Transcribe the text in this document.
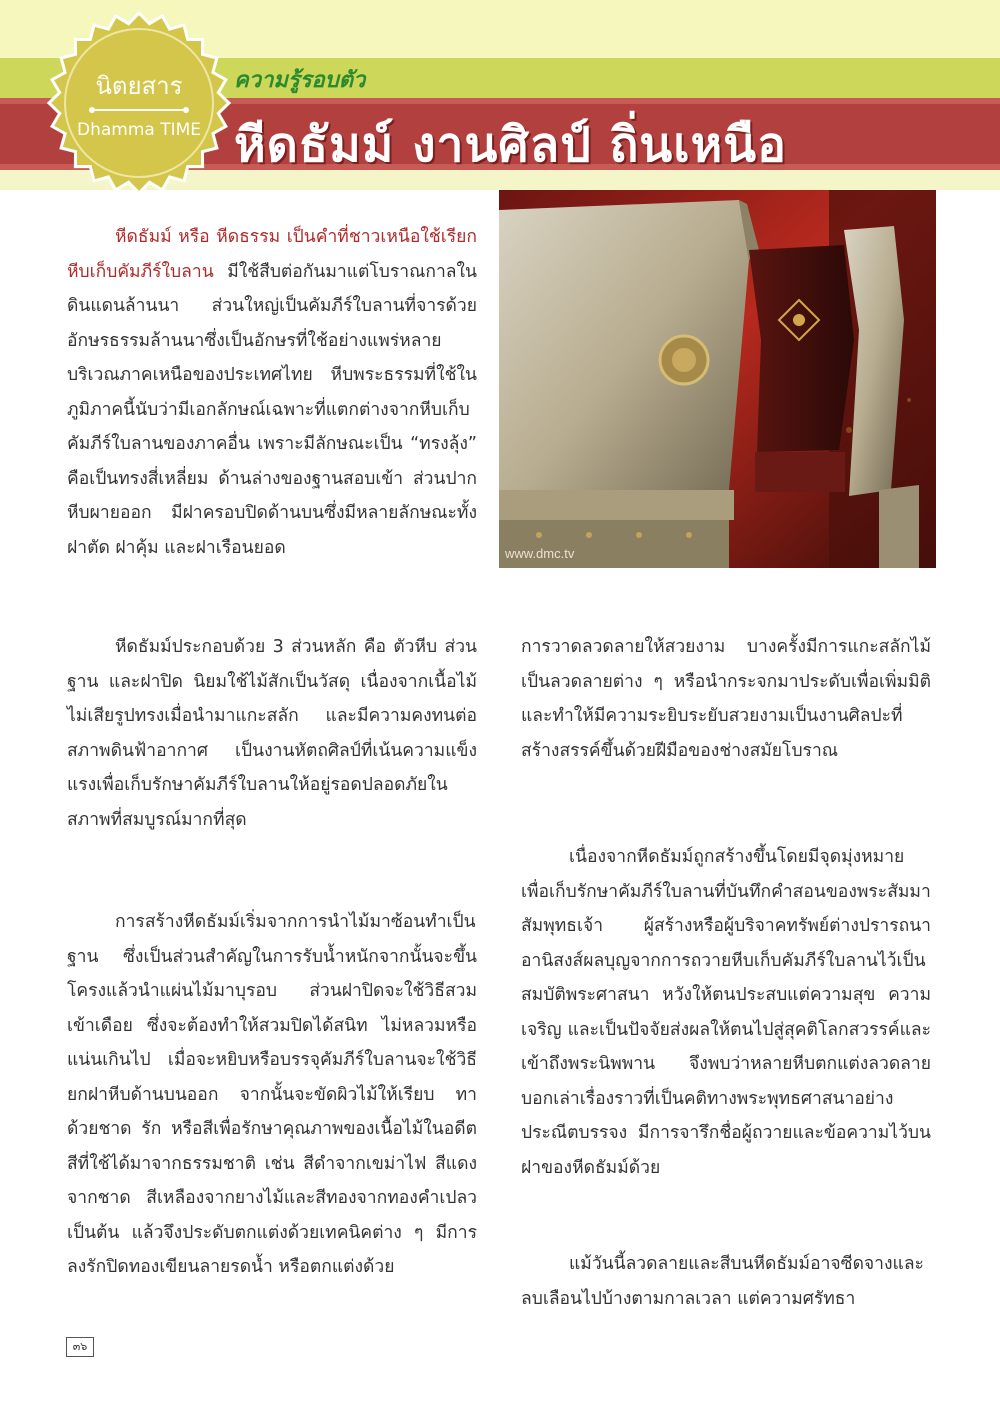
ความรู้รอบตัว

หีดธัมม์ งานศิลป์ ถิ่นเหนือ
นิตยสาร
Dhamma TIME
www.dmc.tv

หีดธัมม์ หรือ หีดธรรม เป็นคำที่ชาวเหนือใช้เรียกหีบเก็บคัมภีร์ใบลาน มีใช้สืบต่อกันมาแต่โบราณกาลในดินแดนล้านนา ส่วนใหญ่เป็นคัมภีร์ใบลานที่จารด้วยอักษรธรรมล้านนาซึ่งเป็นอักษรที่ใช้อย่างแพร่หลายบริเวณภาคเหนือของประเทศไทย หีบพระธรรมที่ใช้ในภูมิภาคนี้นับว่ามีเอกลักษณ์เฉพาะที่แตกต่างจากหีบเก็บคัมภีร์ใบลานของภาคอื่น เพราะมีลักษณะเป็น “ทรงลุ้ง” คือเป็นทรงสี่เหลี่ยม ด้านล่างของฐานสอบเข้า ส่วนปากหีบผายออก มีฝาครอบปิดด้านบนซึ่งมีหลายลักษณะทั้งฝาตัด ฝาคุ้ม และฝาเรือนยอด

หีดธัมม์ประกอบด้วย 3 ส่วนหลัก คือ ตัวหีบ ส่วนฐาน และฝาปิด นิยมใช้ไม้สักเป็นวัสดุ เนื่องจากเนื้อไม้ไม่เสียรูปทรงเมื่อนำมาแกะสลัก และมีความคงทนต่อสภาพดินฟ้าอากาศ เป็นงานหัตถศิลป์ที่เน้นความแข็งแรงเพื่อเก็บรักษาคัมภีร์ใบลานให้อยู่รอดปลอดภัยในสภาพที่สมบูรณ์มากที่สุด

การสร้างหีดธัมม์เริ่มจากการนำไม้มาซ้อนทำเป็นฐาน ซึ่งเป็นส่วนสำคัญในการรับน้ำหนักจากนั้นจะขึ้นโครงแล้วนำแผ่นไม้มาบุรอบ ส่วนฝาปิดจะใช้วิธีสวมเข้าเดือย ซึ่งจะต้องทำให้สวมปิดได้สนิท ไม่หลวมหรือแน่นเกินไป เมื่อจะหยิบหรือบรรจุคัมภีร์ใบลานจะใช้วิธียกฝาหีบด้านบนออก จากนั้นจะขัดผิวไม้ให้เรียบ ทาด้วยชาด รัก หรือสีเพื่อรักษาคุณภาพของเนื้อไม้ในอดีตสีที่ใช้ได้มาจากธรรมชาติ เช่น สีดำจากเขม่าไฟ สีแดงจากชาด สีเหลืองจากยางไม้และสีทองจากทองคำเปลว เป็นต้น แล้วจึงประดับตกแต่งด้วยเทคนิคต่าง ๆ มีการลงรักปิดทองเขียนลายรดน้ำ หรือตกแต่งด้วย

การวาดลวดลายให้สวยงาม บางครั้งมีการแกะสลักไม้เป็นลวดลายต่าง ๆ หรือนำกระจกมาประดับเพื่อเพิ่มมิติและทำให้มีความระยิบระยับสวยงามเป็นงานศิลปะที่สร้างสรรค์ขึ้นด้วยฝีมือของช่างสมัยโบราณ

เนื่องจากหีดธัมม์ถูกสร้างขึ้นโดยมีจุดมุ่งหมายเพื่อเก็บรักษาคัมภีร์ใบลานที่บันทึกคำสอนของพระสัมมาสัมพุทธเจ้า ผู้สร้างหรือผู้บริจาคทรัพย์ต่างปรารถนาอานิสงส์ผลบุญจากการถวายหีบเก็บคัมภีร์ใบลานไว้เป็นสมบัติพระศาสนา หวังให้ตนประสบแต่ความสุข ความเจริญ และเป็นปัจจัยส่งผลให้ตนไปสู่สุคติโลกสวรรค์และเข้าถึงพระนิพพาน จึงพบว่าหลายหีบตกแต่งลวดลายบอกเล่าเรื่องราวที่เป็นคติทางพระพุทธศาสนาอย่างประณีตบรรจง มีการจารึกชื่อผู้ถวายและข้อความไว้บนฝาของหีดธัมม์ด้วย

แม้วันนี้ลวดลายและสีบนหีดธัมม์อาจซีดจางและลบเลือนไปบ้างตามกาลเวลา แต่ความศรัทธา

๓๖
